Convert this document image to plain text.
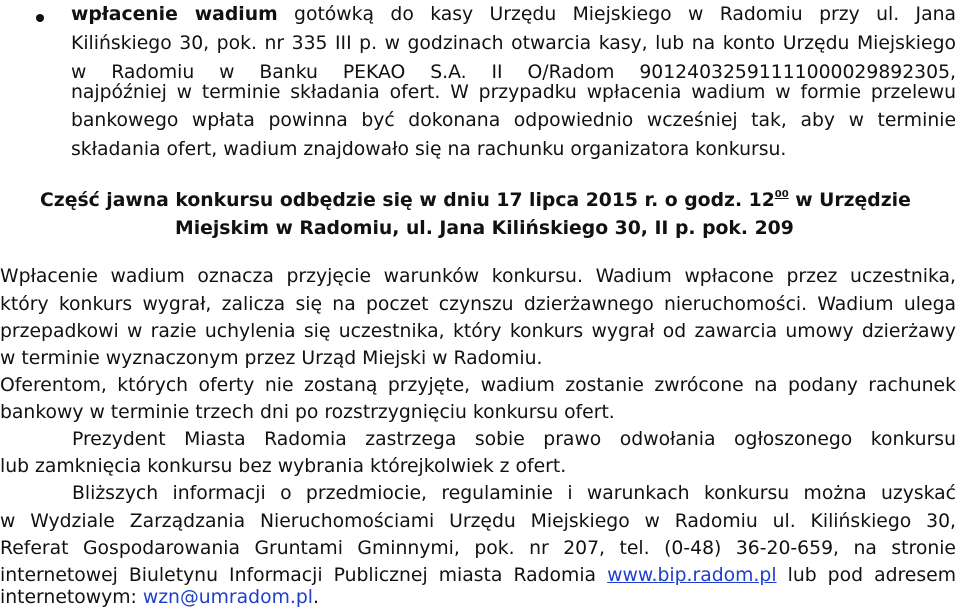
wpłacenie wadium gotówką do kasy Urzędu Miejskiego w Radomiu przy ul. Jana
Kilińskiego 30, pok. nr 335 III p. w godzinach otwarcia kasy, lub na konto Urzędu Miejskiego
w Radomiu w Banku PEKAO S.A. II O/Radom 90124032591111000029892305,
najpóźniej w terminie składania ofert. W przypadku wpłacenia wadium w formie przelewu
bankowego wpłata powinna być dokonana odpowiednio wcześniej tak, aby w terminie
składania ofert, wadium znajdowało się na rachunku organizatora konkursu.
Część jawna konkursu odbędzie się w dniu 17 lipca 2015 r. o godz. $12^{00}$ w Urzędzie
Miejskim w Radomiu, ul. Jana Kilińskiego 30, II p. pok. 209
Wpłacenie wadium oznacza przyjęcie warunków konkursu. Wadium wpłacone przez uczestnika,
który konkurs wygrał, zalicza się na poczet czynszu dzierżawnego nieruchomości. Wadium ulega
przepadkowi w razie uchylenia się uczestnika, który konkurs wygrał od zawarcia umowy dzierżawy
w terminie wyznaczonym przez Urząd Miejski w Radomiu.
Oferentom, których oferty nie zostaną przyjęte, wadium zostanie zwrócone na podany rachunek
bankowy w terminie trzech dni po rozstrzygnięciu konkursu ofert.
Prezydent Miasta Radomia zastrzega sobie prawo odwołania ogłoszonego konkursu
lub zamknięcia konkursu bez wybrania którejkolwiek z ofert.
Bliższych informacji o przedmiocie, regulaminie i warunkach konkursu można uzyskać
w Wydziale Zarządzania Nieruchomościami Urzędu Miejskiego w Radomiu ul. Kilińskiego 30,
Referat Gospodarowania Gruntami Gminnymi, pok. nr 207, tel. (0-48) 36-20-659, na stronie
internetowej Biuletynu Informacji Publicznej miasta Radomia www.bip.radom.pl lub pod adresem
internetowym: wzn@umradom.pl.
